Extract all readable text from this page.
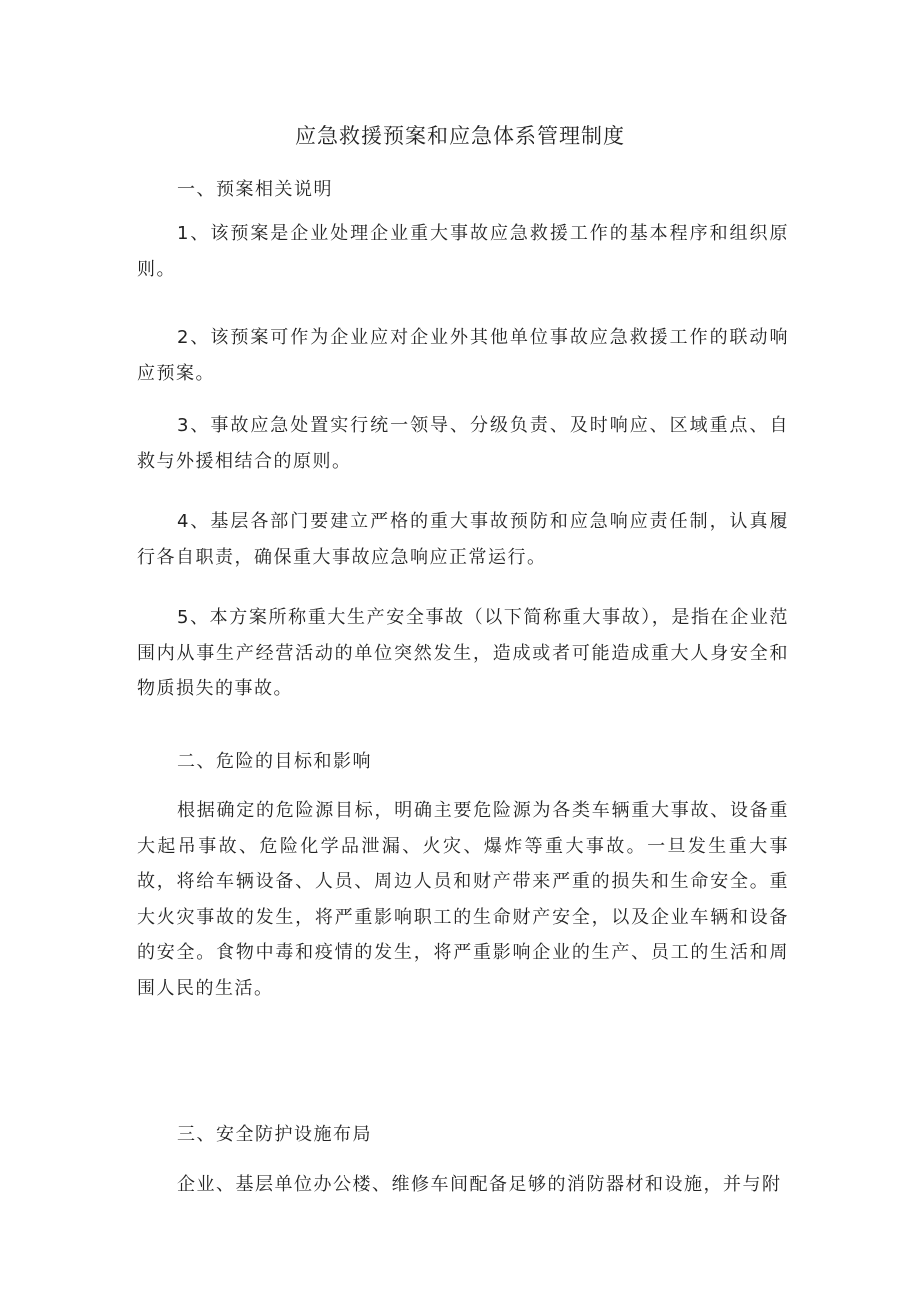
应急救援预案和应急体系管理制度

一、预案相关说明

1、该预案是企业处理企业重大事故应急救援工作的基本程序和组织原则。

2、该预案可作为企业应对企业外其他单位事故应急救援工作的联动响应预案。

3、事故应急处置实行统一领导、分级负责、及时响应、区域重点、自救与外援相结合的原则。

4、基层各部门要建立严格的重大事故预防和应急响应责任制，认真履行各自职责，确保重大事故应急响应正常运行。

5、本方案所称重大生产安全事故（以下简称重大事故），是指在企业范围内从事生产经营活动的单位突然发生，造成或者可能造成重大人身安全和物质损失的事故。

二、危险的目标和影响

根据确定的危险源目标，明确主要危险源为各类车辆重大事故、设备重大起吊事故、危险化学品泄漏、火灾、爆炸等重大事故。一旦发生重大事故，将给车辆设备、人员、周边人员和财产带来严重的损失和生命安全。重大火灾事故的发生，将严重影响职工的生命财产安全，以及企业车辆和设备的安全。食物中毒和疫情的发生，将严重影响企业的生产、员工的生活和周围人民的生活。

三、安全防护设施布局

企业、基层单位办公楼、维修车间配备足够的消防器材和设施，并与附
